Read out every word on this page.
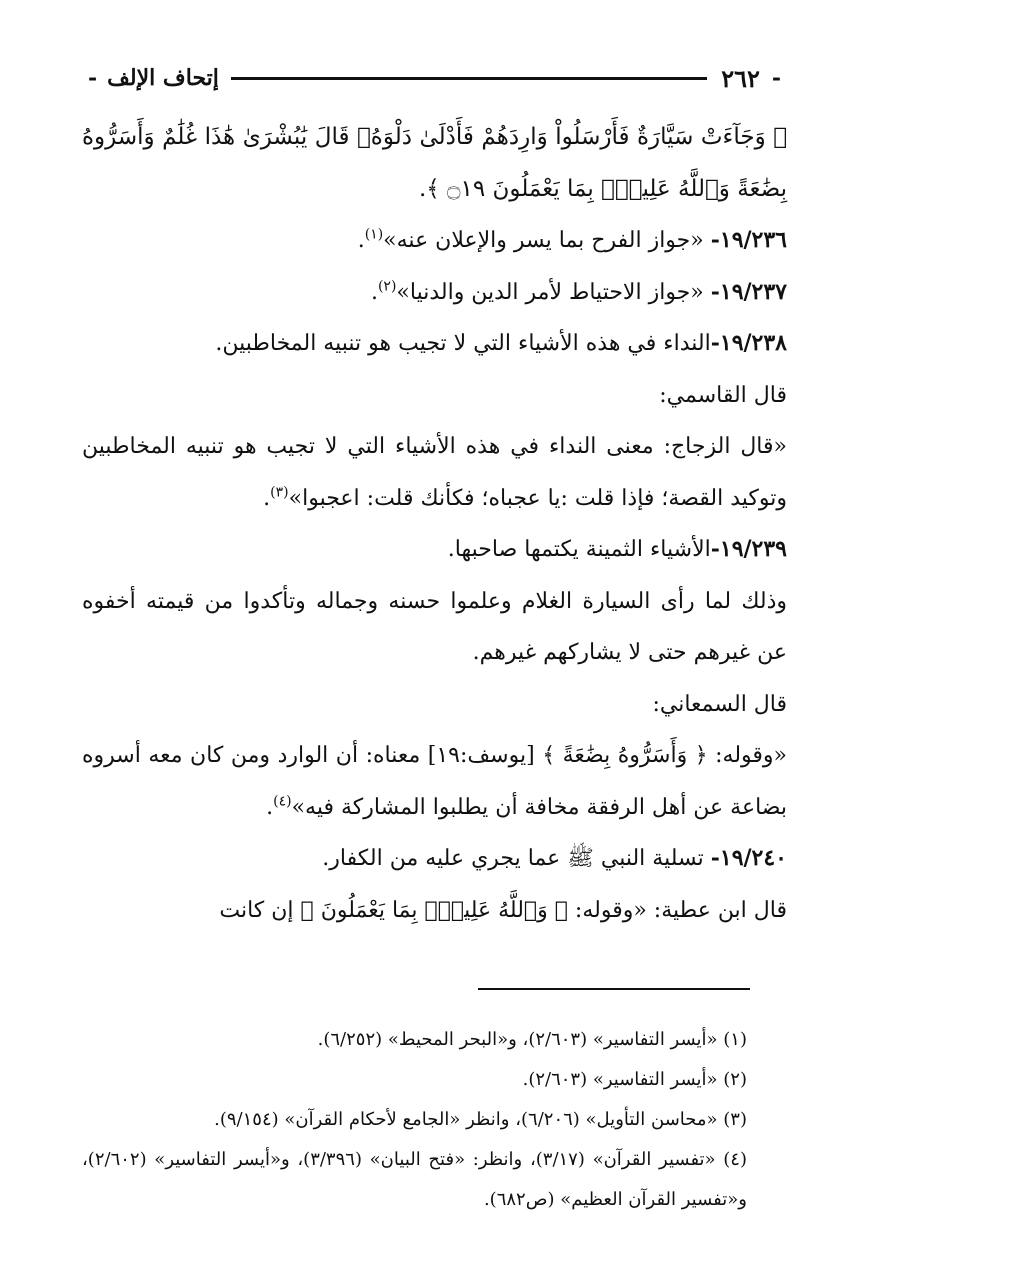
-
٢٦٢
إتحاف الإلف
-

﴿ وَجَآءَتْ سَيَّارَةٌ فَأَرْسَلُواْ وَارِدَهُمْ فَأَدْلَىٰ دَلْوَهُۥ قَالَ يَٰبُشْرَىٰ هَٰذَا غُلَٰمٌ وَأَسَرُّوهُ بِضَٰعَةً وَٱللَّهُ عَلِيمٌۢ بِمَا يَعْمَلُونَ ۝١٩ ﴾.

١٩/٢٣٦- «جواز الفرح بما يسر والإعلان عنه»$^{(١)}$.

١٩/٢٣٧- «جواز الاحتياط لأمر الدين والدنيا»$^{(٢)}$.

١٩/٢٣٨-النداء في هذه الأشياء التي لا تجيب هو تنبيه المخاطبين.

قال القاسمي:

«قال الزجاج: معنى النداء في هذه الأشياء التي لا تجيب هو تنبيه المخاطبين وتوكيد القصة؛ فإذا قلت :يا عجباه؛ فكأنك قلت: اعجبوا»$^{(٣)}$.

١٩/٢٣٩-الأشياء الثمينة يكتمها صاحبها.

وذلك لما رأى السيارة الغلام وعلموا حسنه وجماله وتأكدوا من قيمته أخفوه عن غيرهم حتى لا يشاركهم غيرهم.

قال السمعاني:

«وقوله: ﴿ وَأَسَرُّوهُ بِضَٰعَةً ﴾ [يوسف:١٩] معناه: أن الوارد ومن كان معه أسروه بضاعة عن أهل الرفقة مخافة أن يطلبوا المشاركة فيه»$^{(٤)}$.

١٩/٢٤٠- تسلية النبي ﷺ عما يجري عليه من الكفار.

قال ابن عطية: «وقوله: ﴿ وَٱللَّهُ عَلِيمٌۢ بِمَا يَعْمَلُونَ ﴾ إن كانت

(١) «أيسر التفاسير» (٢/٦٠٣)، و«البحر المحيط» (٦/٢٥٢).

(٢) «أيسر التفاسير» (٢/٦٠٣).

(٣) «محاسن التأويل» (٦/٢٠٦)، وانظر «الجامع لأحكام القرآن» (٩/١٥٤).

(٤) «تفسير القرآن» (٣/١٧)، وانظر: «فتح البيان» (٣/٣٩٦)، و«أيسر التفاسير» (٢/٦٠٢)، و«تفسير القرآن العظيم» (ص٦٨٢).
